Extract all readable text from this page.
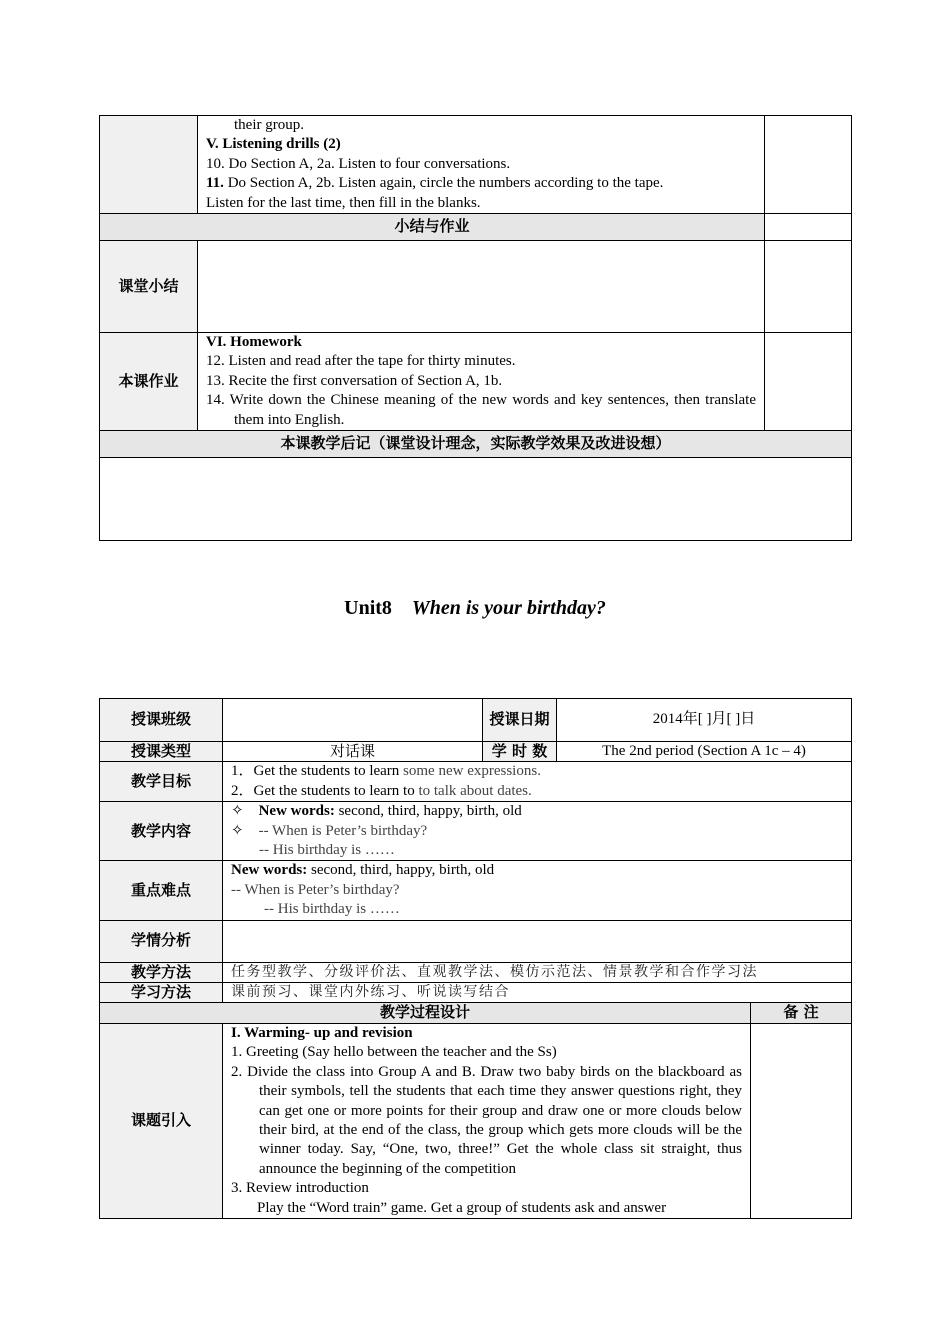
	their group.
V. Listening drills (2)
10. Do Section A, 2a. Listen to four conversations.
11. Do Section A, 2b. Listen again, circle the numbers according to the tape.
Listen for the last time, then fill in the blanks.	

小结与作业		
课堂小结		
本课作业	VI. Homework
12. Listen and read after the tape for thirty minutes.
13. Recite the first conversation of Section A, 1b.
14. Write down the Chinese meaning of the new words and key sentences, then translate them into English.	

本课教学后记（课堂设计理念，实际教学效果及改进设想）		

Unit8 When is your birthday?
授课班级		授课日期	2014年[ ]月[ ]日	
授课类型	对话课	学 时 数	The 2nd period (Section A 1c – 4)	
教学目标	1．Get the students to learn some new expressions.
2．Get the students to learn to to talk about dates.			

教学内容	✧ New words: second, third, happy, birth, old
✧ -- When is Peter’s birthday?
-- His birthday is ……			

重点难点	New words: second, third, happy, birth, old
-- When is Peter’s birthday?
-- His birthday is ……			

学情分析				
教学方法	任务型教学、分级评价法、直观教学法、模仿示范法、情景教学和合作学习法			
学习方法	课前预习、课堂内外练习、听说读写结合			
教学过程设计				备 注
课题引入	I. Warming- up and revision
1. Greeting (Say hello between the teacher and the Ss)
2. Divide the class into Group A and B. Draw two baby birds on the blackboard as their symbols, tell the students that each time they answer questions right, they can get one or more points for their group and draw one or more clouds below their bird, at the end of the class, the group which gets more clouds will be the winner today. Say, “One, two, three!” Get the whole class sit straight, thus announce the beginning of the competition
3. Review introduction
Play the “Word train” game. Get a group of students ask and answer			
